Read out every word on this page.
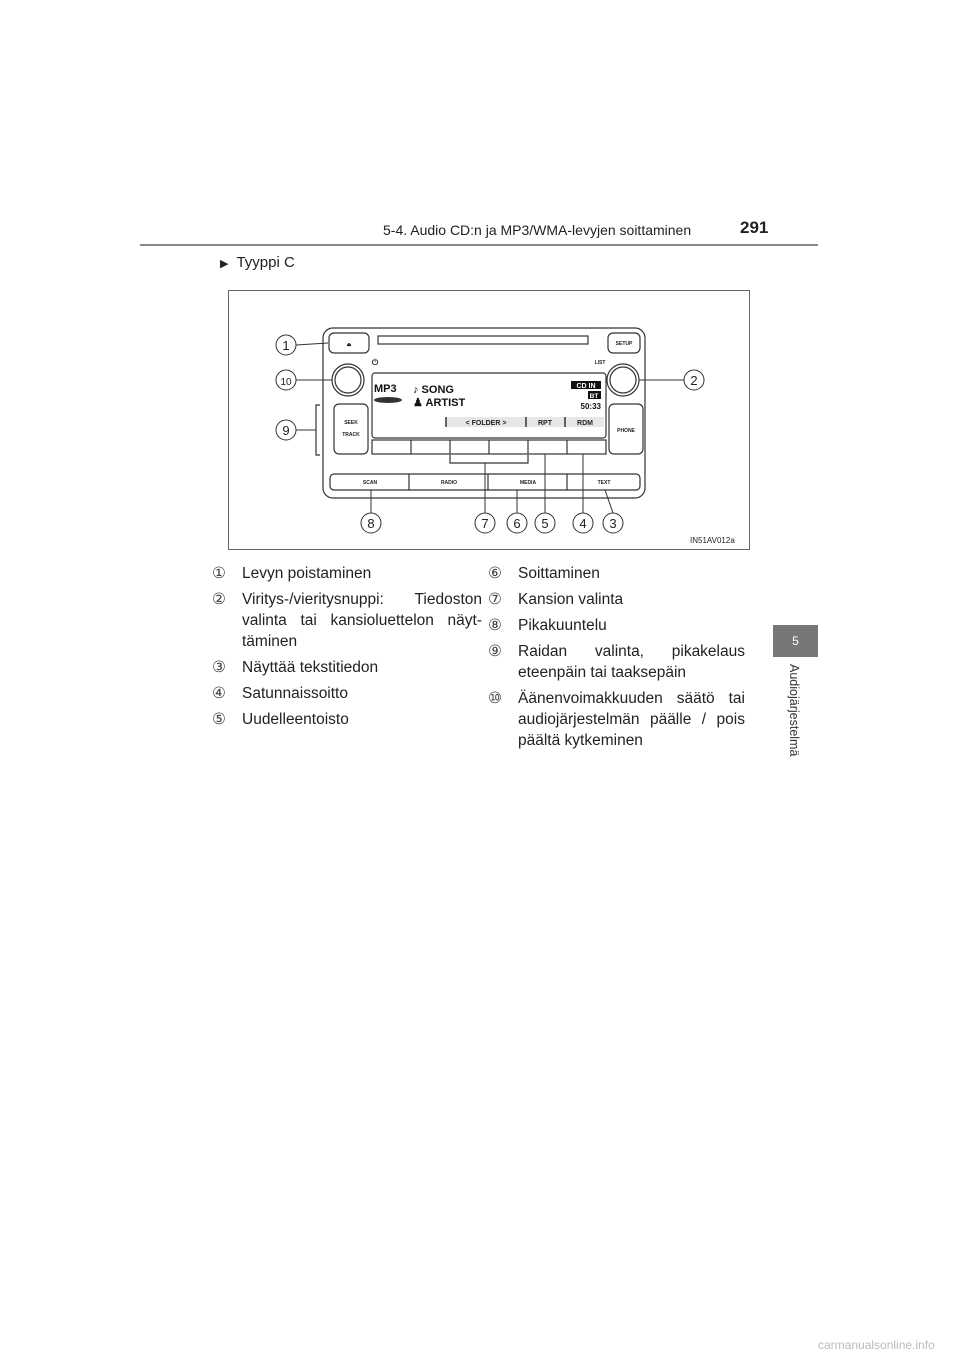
5-4. Audio CD:n ja MP3/WMA-levyjen soittaminen	291
▶ Tyyppi C
⏏	SETUP
LIST
⏻
SEEK
TRACK
PHONE
SCAN	RADIO	MEDIA	TEXT
< FOLDER >	RPT	RDM
MP3 ♪ SONG
♟ ARTIST
CD IN
BT
50:33
1
2
3
4
5
6
7
8
9
10
IN51AV012a
① Levyn poistaminen
② Viritys-/vieritysnuppi: Tiedoston valinta tai kansioluettelon näyt-täminen
③ Näyttää tekstitiedon
④ Satunnaissoitto
⑤ Uudelleentoisto
⑥ Soittaminen
⑦ Kansion valinta
⑧ Pikakuuntelu
⑨ Raidan valinta, pikakelaus eteenpäin tai taaksepäin
⑩ Äänenvoimakkuuden säätö tai audiojärjestelmän päälle / pois päältä kytkeminen
5
Audiojärjestelmä
carmanualsonline.info
